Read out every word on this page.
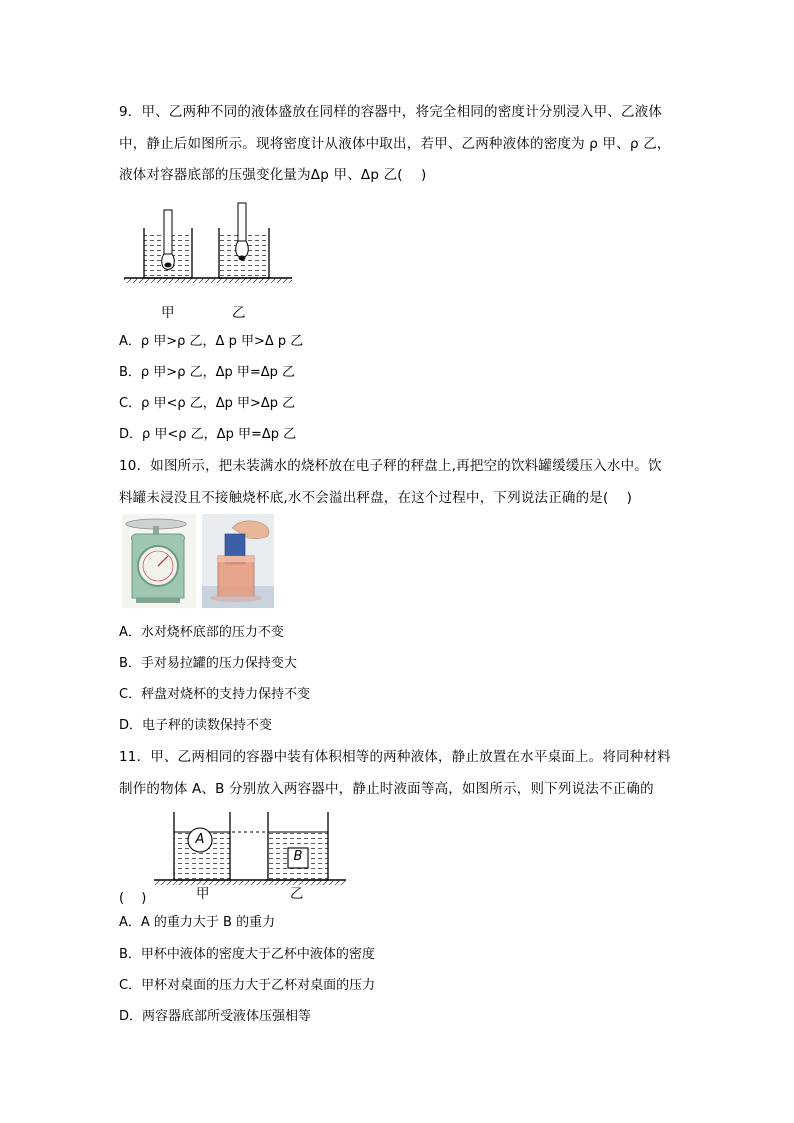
9．甲、乙两种不同的液体盛放在同样的容器中，将完全相同的密度计分别浸入甲、乙液体
中，静止后如图所示。现将密度计从液体中取出，若甲、乙两种液体的密度为 ρ 甲、ρ 乙，
液体对容器底部的压强变化量为Δp 甲、Δp 乙(　 )
甲	乙
A．ρ 甲>ρ 乙，Δ p 甲>Δ p 乙
B．ρ 甲>ρ 乙，Δp 甲=Δp 乙
C．ρ 甲<ρ 乙，Δp 甲>Δp 乙
D．ρ 甲<ρ 乙，Δp 甲=Δp 乙
10．如图所示，把未装满水的烧杯放在电子秤的秤盘上,再把空的饮料罐缓缓压入水中。饮
料罐未浸没且不接触烧杯底,水不会溢出秤盘，在这个过程中，下列说法正确的是(　 )
A．水对烧杯底部的压力不变
B．手对易拉罐的压力保持变大
C．秤盘对烧杯的支持力保持不变
D．电子秤的读数保持不变
11．甲、乙两相同的容器中装有体积相等的两种液体，静止放置在水平桌面上。将同种材料
制作的物体 A、B 分别放入两容器中，静止时液面等高，如图所示，则下列说法不正确的
A
B
甲	乙
(　 )
A．A 的重力大于 B 的重力
B．甲杯中液体的密度大于乙杯中液体的密度
C．甲杯对桌面的压力大于乙杯对桌面的压力
D．两容器底部所受液体压强相等
